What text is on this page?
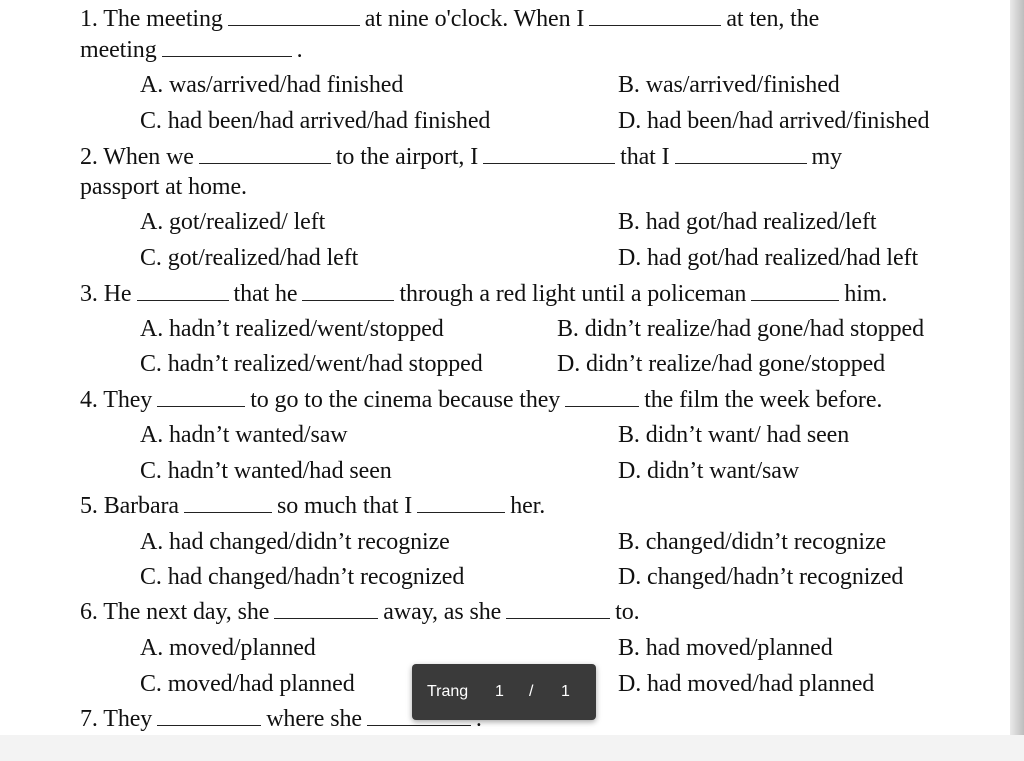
1. The meeting	at nine o'clock. When I	at ten, the
meeting	.
A. was/arrived/had finished	B. was/arrived/finished
C. had been/had arrived/had finished	D. had been/had arrived/finished
2. When we	to the airport, I	that I	my
passport at home.
A. got/realized/ left	B. had got/had realized/left
C. got/realized/had left	D. had got/had realized/had left
3. He	that he	through a red light until a policeman	him.
A. hadn’t realized/went/stopped	B. didn’t realize/had gone/had stopped
C. hadn’t realized/went/had stopped	D. didn’t realize/had gone/stopped
4. They	to go to the cinema because they	the film the week before.
A. hadn’t wanted/saw	B. didn’t want/ had seen
C. hadn’t wanted/had seen	D. didn’t want/saw
5. Barbara	so much that I	her.
A. had changed/didn’t recognize	B. changed/didn’t recognize
C. had changed/hadn’t recognized	D. changed/hadn’t recognized
6. The next day, she	away, as she	to.
A. moved/planned	B. had moved/planned
C. moved/had planned	D. had moved/had planned
7. They	where she
Trang 1 / 1
